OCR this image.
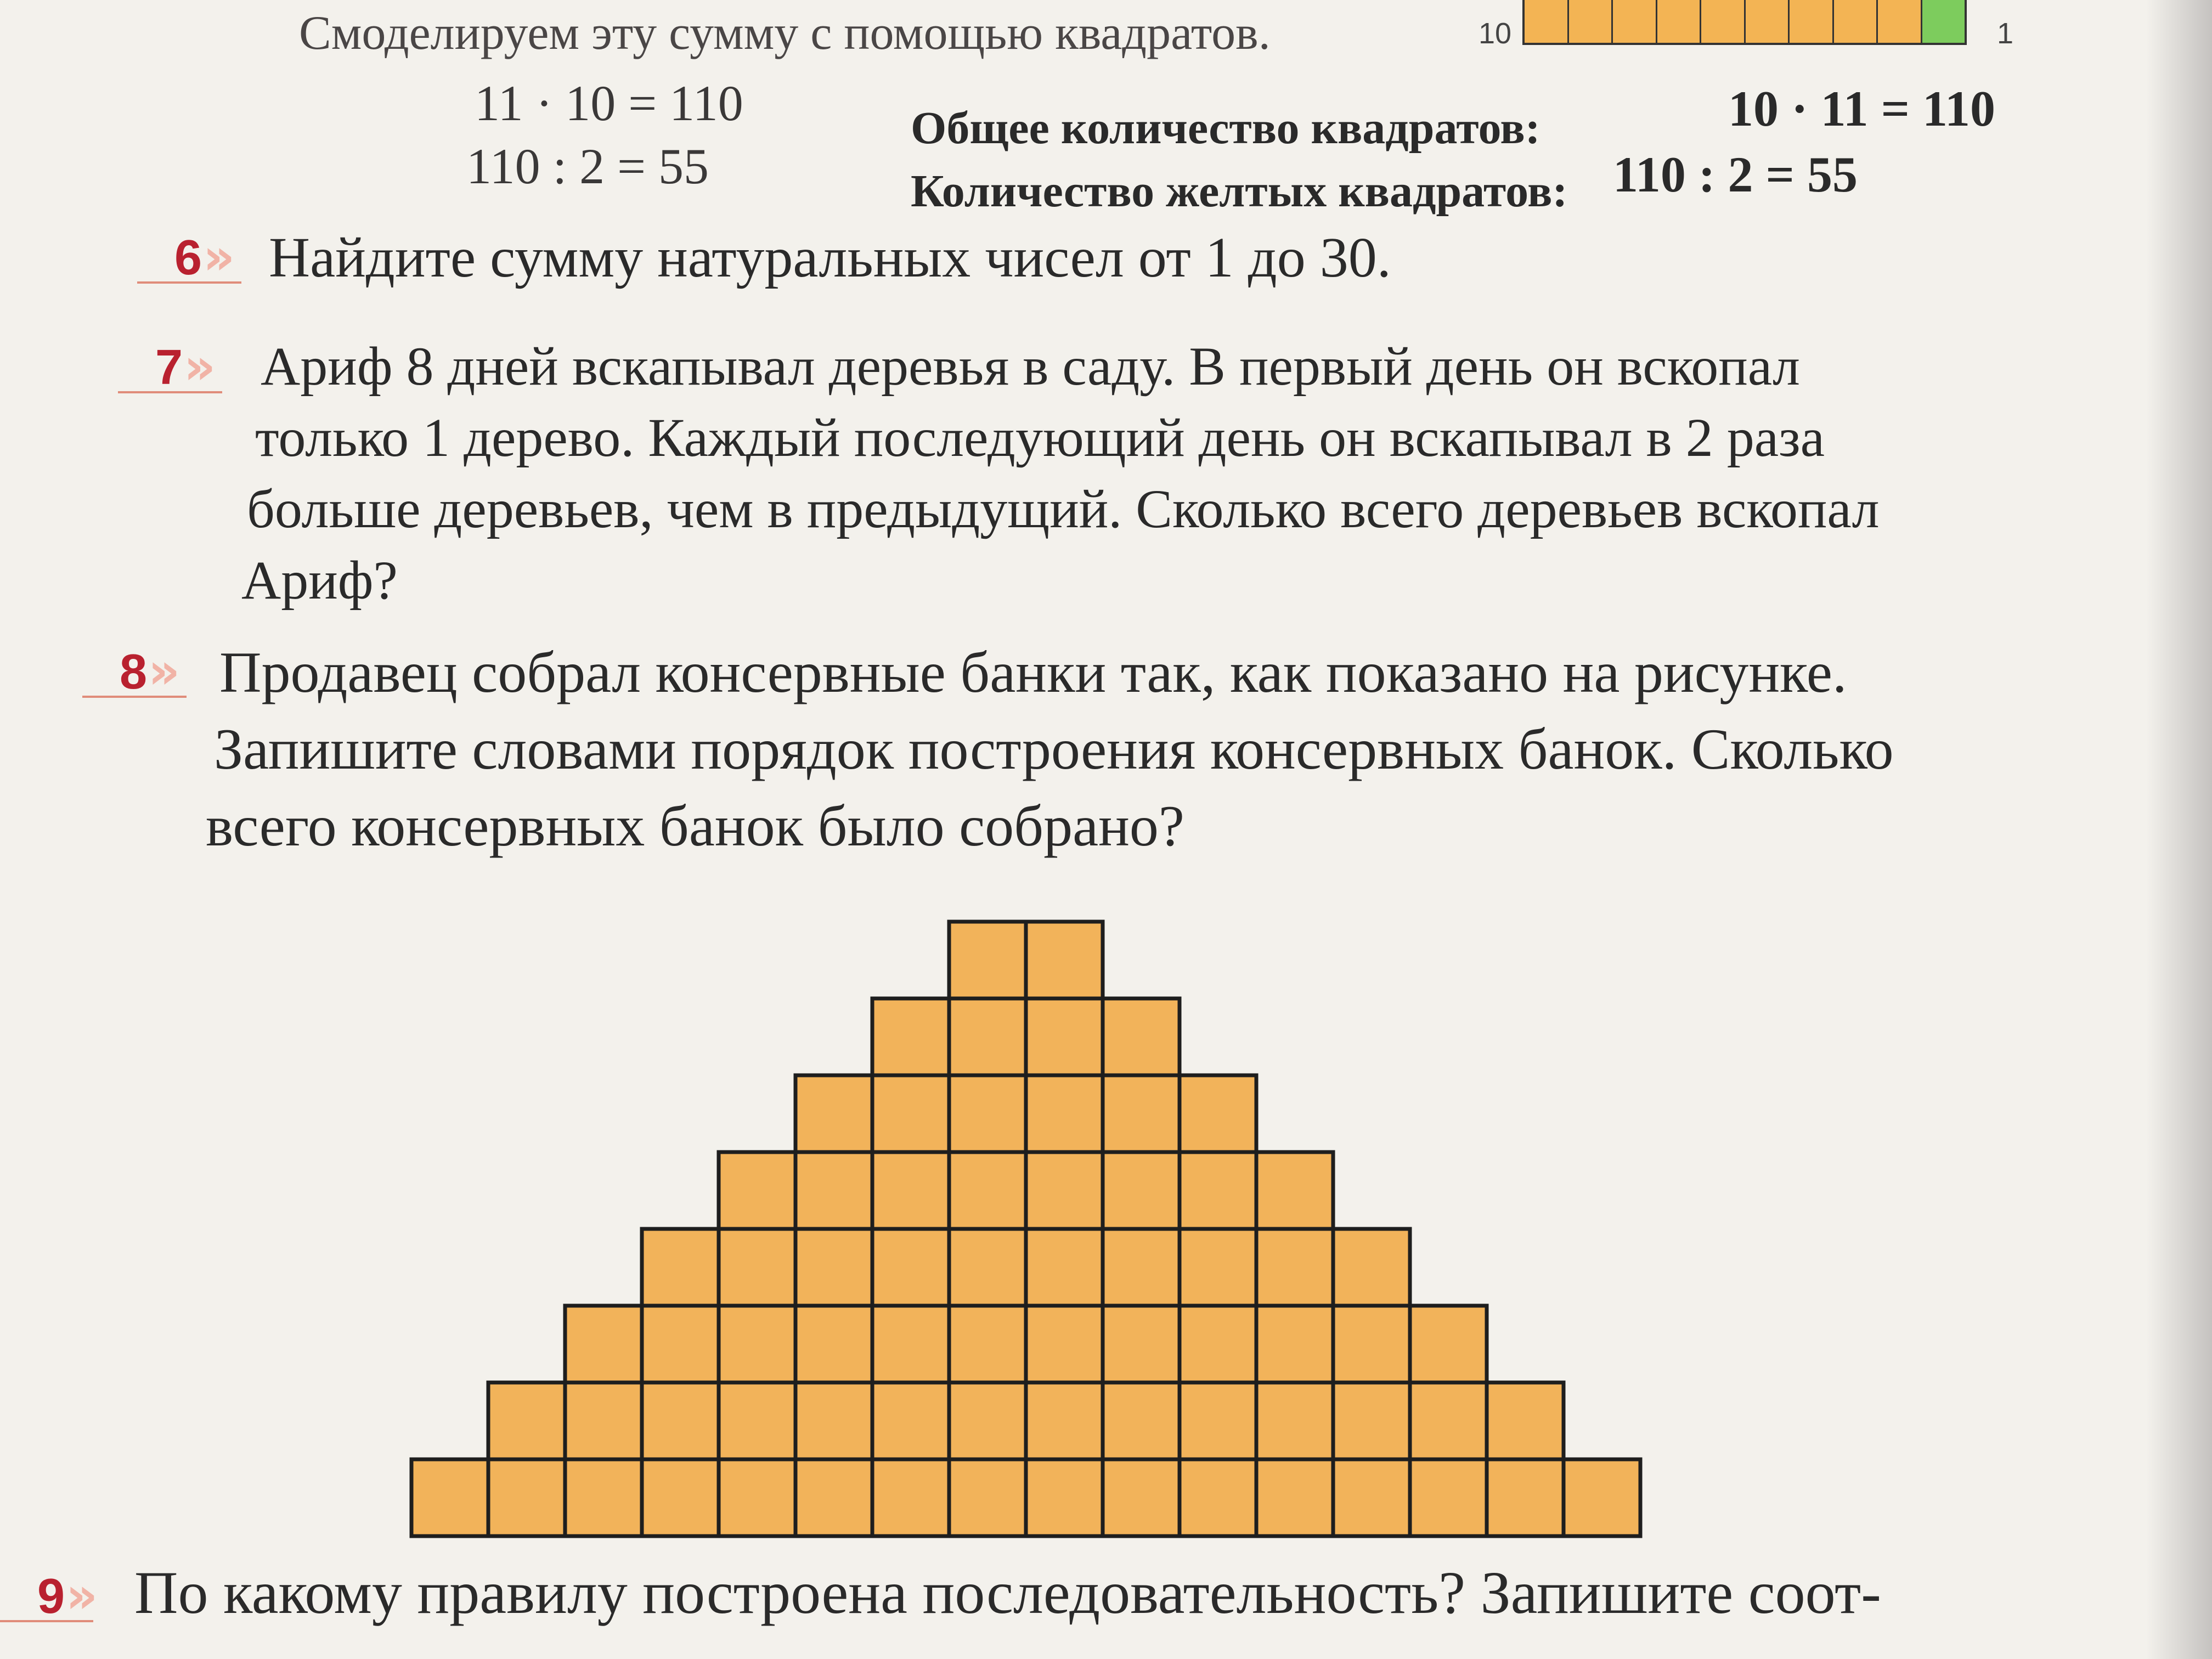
Смоделируем эту сумму с помощью квадратов.	10	1
11 · 10 = 110
110 : 2 = 55
Общее количество квадратов:	10 · 11 = 110
Количество желтых квадратов: 110 : 2 = 55
6 » Найдите сумму натуральных чисел от 1 до 30.
7 » Ариф 8 дней вскапывал деревья в саду. В первый день он вскопал
только 1 дерево. Каждый последующий день он вскапывал в 2 раза
больше деревьев, чем в предыдущий. Сколько всего деревьев вскопал
Ариф?
8 » Продавец собрал консервные банки так, как показано на рисунке.
Запишите словами порядок построения консервных банок. Сколько
всего консервных банок было собрано?
9 » По какому правилу построена последовательность? Запишите соот-
